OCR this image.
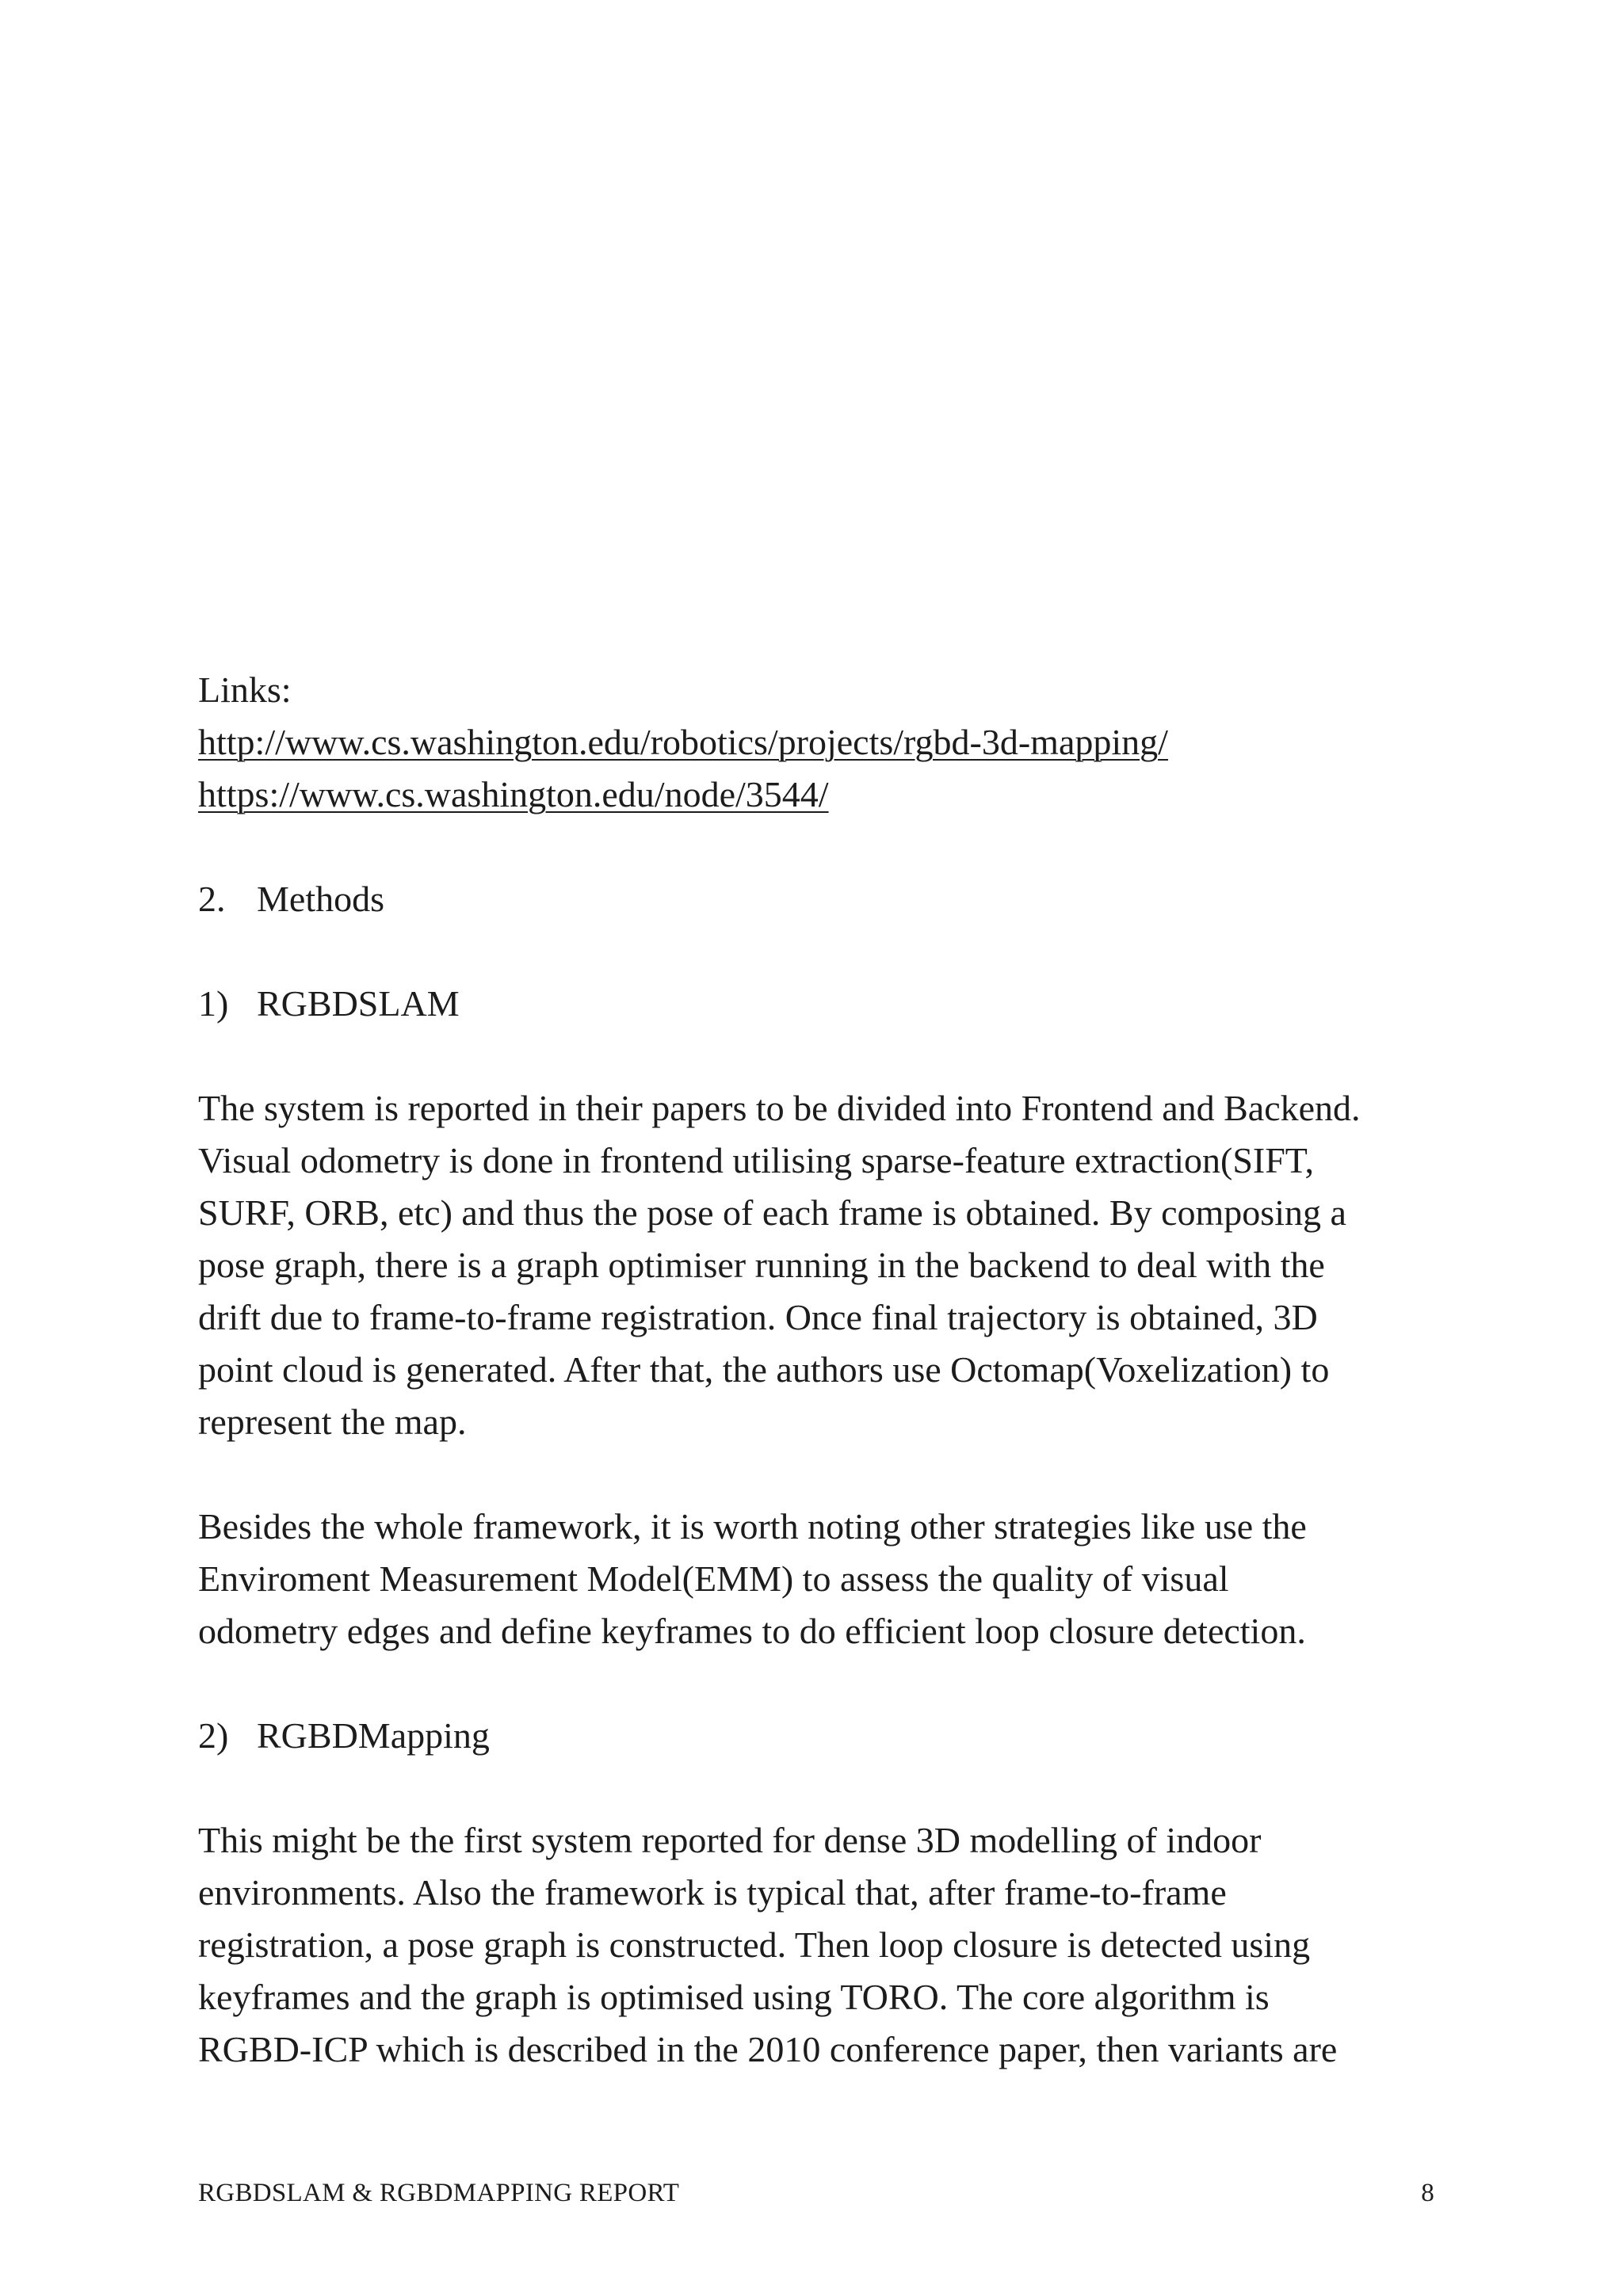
Links:

http://www.cs.washington.edu/robotics/projects/rgbd-3d-mapping/
https://www.cs.washington.edu/node/3544/

2. Methods

1) RGBDSLAM

The system is reported in their papers to be divided into Frontend and Backend.
Visual odometry is done in frontend utilising sparse-feature extraction(SIFT,
SURF, ORB, etc) and thus the pose of each frame is obtained. By composing a
pose graph, there is a graph optimiser running in the backend to deal with the
drift due to frame-to-frame registration. Once final trajectory is obtained, 3D
point cloud is generated. After that, the authors use Octomap(Voxelization) to
represent the map.
Besides the whole framework, it is worth noting other strategies like use the
Enviroment Measurement Model(EMM) to assess the quality of visual
odometry edges and define keyframes to do efficient loop closure detection.

2) RGBDMapping

This might be the first system reported for dense 3D modelling of indoor
environments. Also the framework is typical that, after frame-to-frame
registration, a pose graph is constructed. Then loop closure is detected using
keyframes and the graph is optimised using TORO. The core algorithm is
RGBD-ICP which is described in the 2010 conference paper, then variants are
RGBDSLAM & RGBDMAPPING REPORT	8
